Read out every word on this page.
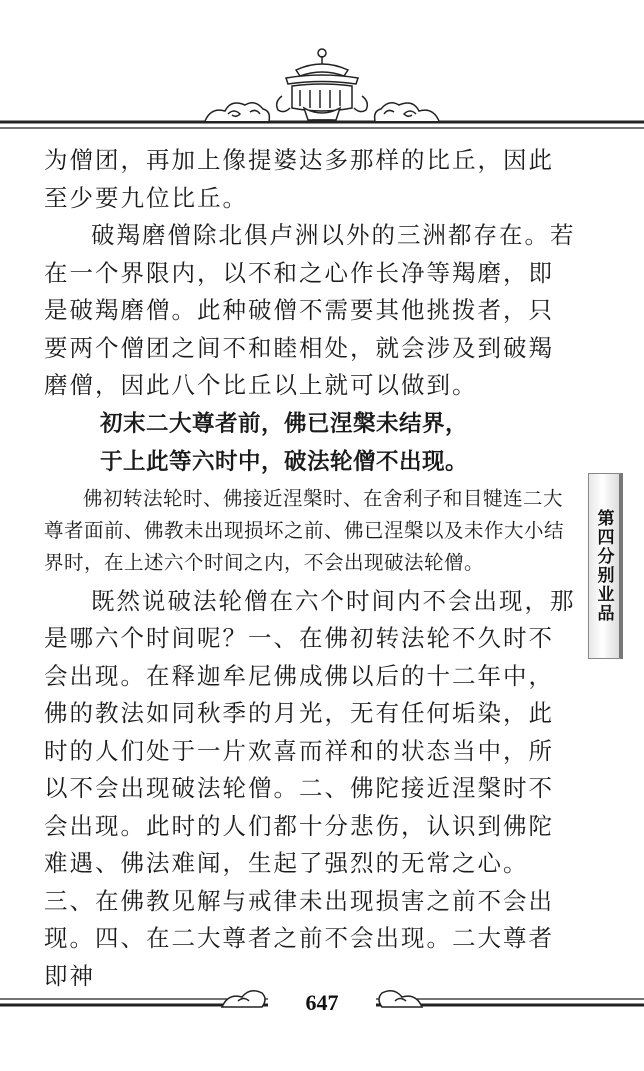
为僧团，再加上像提婆达多那样的比丘，因此至少要九位比丘。

破羯磨僧除北俱卢洲以外的三洲都存在。若在一个界限内，以不和之心作长净等羯磨，即是破羯磨僧。此种破僧不需要其他挑拨者，只要两个僧团之间不和睦相处，就会涉及到破羯磨僧，因此八个比丘以上就可以做到。

初末二大尊者前，佛已涅槃未结界，

于上此等六时中，破法轮僧不出现。

佛初转法轮时、佛接近涅槃时、在舍利子和目犍连二大尊者面前、佛教未出现损坏之前、佛已涅槃以及未作大小结界时，在上述六个时间之内，不会出现破法轮僧。

既然说破法轮僧在六个时间内不会出现，那是哪六个时间呢？一、在佛初转法轮不久时不会出现。在释迦牟尼佛成佛以后的十二年中，佛的教法如同秋季的月光，无有任何垢染，此时的人们处于一片欢喜而祥和的状态当中，所以不会出现破法轮僧。二、佛陀接近涅槃时不会出现。此时的人们都十分悲伤，认识到佛陀难遇、佛法难闻，生起了强烈的无常之心。三、在佛教见解与戒律未出现损害之前不会出现。四、在二大尊者之前不会出现。二大尊者即神

第四分别业品
647
